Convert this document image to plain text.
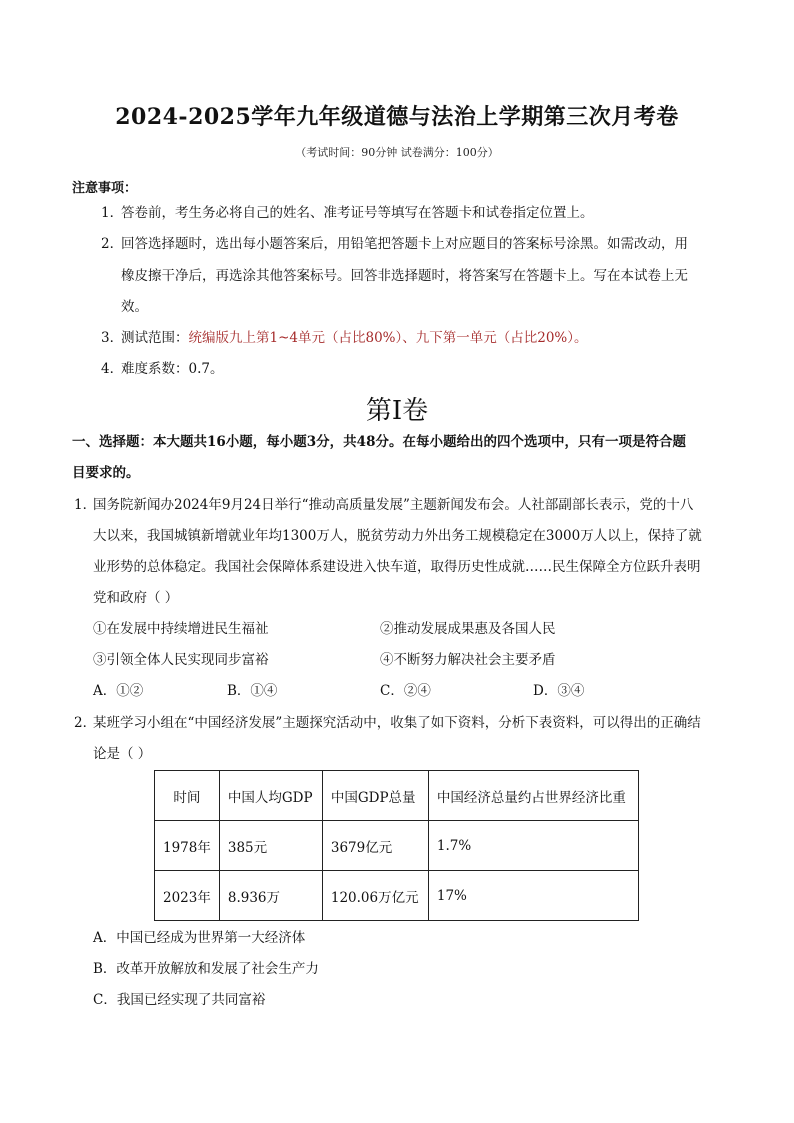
2024-2025学年九年级道德与法治上学期第三次月考卷
（考试时间：90分钟 试卷满分：100分）
注意事项：
1．
答卷前，考生务必将自己的姓名、准考证号等填写在答题卡和试卷指定位置上。
2．
回答选择题时，选出每小题答案后，用铅笔把答题卡上对应题目的答案标号涂黑。如需改动，用
橡皮擦干净后，再选涂其他答案标号。回答非选择题时，将答案写在答题卡上。写在本试卷上无
效。
3．
测试范围：统编版九上第1~4单元（占比80%）、九下第一单元（占比20%）。
4．
难度系数：0.7。
第Ⅰ卷
一、选择题：本大题共16小题，每小题3分，共48分。在每小题给出的四个选项中，只有一项是符合题
目要求的。
1．
国务院新闻办2024年9月24日举行“推动高质量发展”主题新闻发布会。人社部副部长表示，党的十八
大以来，我国城镇新增就业年均1300万人，脱贫劳动力外出务工规模稳定在3000万人以上，保持了就
业形势的总体稳定。我国社会保障体系建设进入快车道，取得历史性成就……民生保障全方位跃升表明
党和政府（ ）
①在发展中持续增进民生福祉	②推动发展成果惠及各国人民
③引领全体人民实现同步富裕	④不断努力解决社会主要矛盾
A．①②	B．①④	C．②④	D．③④
2．
某班学习小组在“中国经济发展”主题探究活动中，收集了如下资料，分析下表资料，可以得出的正确结
论是（ ）
时间	中国人均GDP	中国GDP总量	中国经济总量约占世界经济比重
1978年	385元	3679亿元	1.7%
2023年	8.936万	120.06万亿元	17%
A．中国已经成为世界第一大经济体
B．改革开放解放和发展了社会生产力
C．我国已经实现了共同富裕
